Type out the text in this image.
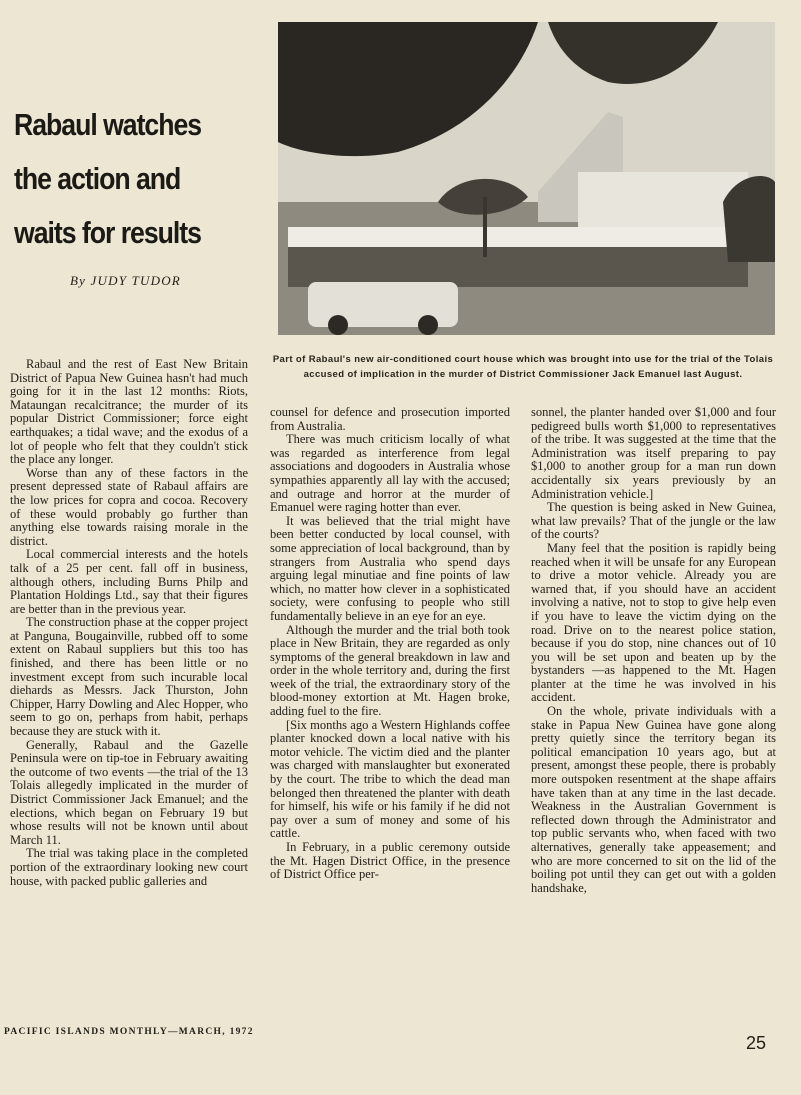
Rabaul watches the action and waits for results
By JUDY TUDOR
Part of Rabaul's new air-conditioned court house which was brought into use for the trial of the Tolais accused of implication in the murder of District Commissioner Jack Emanuel last August.

Rabaul and the rest of East New Britain District of Papua New Guinea hasn't had much going for it in the last 12 months: Riots, Mataungan recalcitrance; the murder of its popular District Commissioner; force eight earthquakes; a tidal wave; and the exodus of a lot of people who felt that they couldn't stick the place any longer.

Worse than any of these factors in the present depressed state of Rabaul affairs are the low prices for copra and cocoa. Recovery of these would probably go further than anything else towards raising morale in the district.

Local commercial interests and the hotels talk of a 25 per cent. fall off in business, although others, including Burns Philp and Plantation Holdings Ltd., say that their figures are better than in the previous year.

The construction phase at the copper project at Panguna, Bougainville, rubbed off to some extent on Rabaul suppliers but this too has finished, and there has been little or no investment except from such incurable local diehards as Messrs. Jack Thurston, John Chipper, Harry Dowling and Alec Hopper, who seem to go on, perhaps from habit, perhaps because they are stuck with it.

Generally, Rabaul and the Gazelle Peninsula were on tip-toe in February awaiting the outcome of two events —the trial of the 13 Tolais allegedly implicated in the murder of District Commissioner Jack Emanuel; and the elections, which began on February 19 but whose results will not be known until about March 11.

The trial was taking place in the completed portion of the extraordinary looking new court house, with packed public galleries and

counsel for defence and prosecution imported from Australia.

There was much criticism locally of what was regarded as interference from legal associations and dogooders in Australia whose sympathies apparently all lay with the accused; and outrage and horror at the murder of Emanuel were raging hotter than ever.

It was believed that the trial might have been better conducted by local counsel, with some appreciation of local background, than by strangers from Australia who spend days arguing legal minutiae and fine points of law which, no matter how clever in a sophisticated society, were confusing to people who still fundamentally believe in an eye for an eye.

Although the murder and the trial both took place in New Britain, they are regarded as only symptoms of the general breakdown in law and order in the whole territory and, during the first week of the trial, the extraordinary story of the blood-money extortion at Mt. Hagen broke, adding fuel to the fire.

[Six months ago a Western Highlands coffee planter knocked down a local native with his motor vehicle. The victim died and the planter was charged with manslaughter but exonerated by the court. The tribe to which the dead man belonged then threatened the planter with death for himself, his wife or his family if he did not pay over a sum of money and some of his cattle.

In February, in a public ceremony outside the Mt. Hagen District Office, in the presence of District Office per-

sonnel, the planter handed over $1,000 and four pedigreed bulls worth $1,000 to representatives of the tribe. It was suggested at the time that the Administration was itself preparing to pay $1,000 to another group for a man run down accidentally six years previously by an Administration vehicle.]

The question is being asked in New Guinea, what law prevails? That of the jungle or the law of the courts?

Many feel that the position is rapidly being reached when it will be unsafe for any European to drive a motor vehicle. Already you are warned that, if you should have an accident involving a native, not to stop to give help even if you have to leave the victim dying on the road. Drive on to the nearest police station, because if you do stop, nine chances out of 10 you will be set upon and beaten up by the bystanders —as happened to the Mt. Hagen planter at the time he was involved in his accident.

On the whole, private individuals with a stake in Papua New Guinea have gone along pretty quietly since the territory began its political emancipation 10 years ago, but at present, amongst these people, there is probably more outspoken resentment at the shape affairs have taken than at any time in the last decade. Weakness in the Australian Government is reflected down through the Administrator and top public servants who, when faced with two alternatives, generally take appeasement; and who are more concerned to sit on the lid of the boiling pot until they can get out with a golden handshake,

PACIFIC ISLANDS MONTHLY—MARCH, 1972
25
